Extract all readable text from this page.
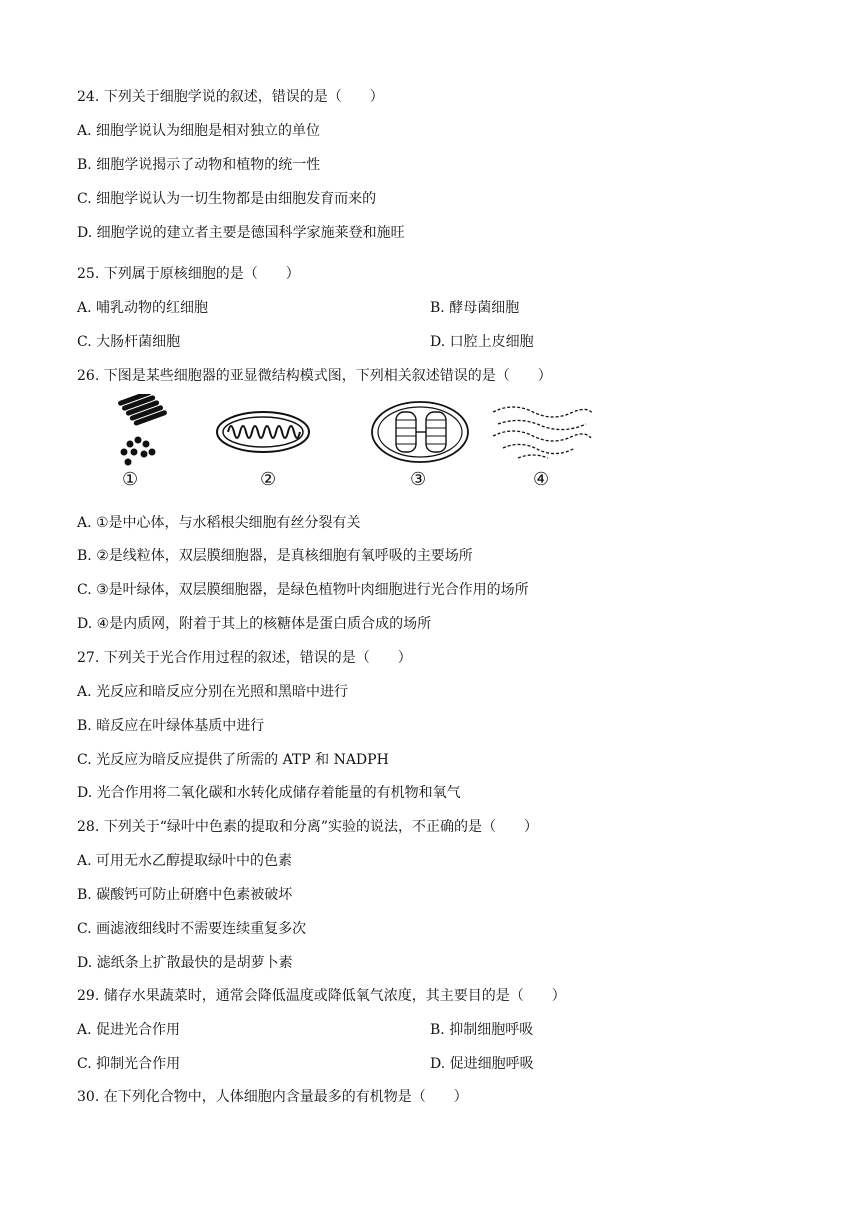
24. 下列关于细胞学说的叙述，错误的是（　　）
A. 细胞学说认为细胞是相对独立的单位
B. 细胞学说揭示了动物和植物的统一性
C. 细胞学说认为一切生物都是由细胞发育而来的
D. 细胞学说的建立者主要是德国科学家施莱登和施旺
25. 下列属于原核细胞的是（　　）
A. 哺乳动物的红细胞	B. 酵母菌细胞
C. 大肠杆菌细胞	D. 口腔上皮细胞
26. 下图是某些细胞器的亚显微结构模式图，下列相关叙述错误的是（　　）
①	②	③	④
A. ①是中心体，与水稻根尖细胞有丝分裂有关
B. ②是线粒体，双层膜细胞器，是真核细胞有氧呼吸的主要场所
C. ③是叶绿体，双层膜细胞器，是绿色植物叶肉细胞进行光合作用的场所
D. ④是内质网，附着于其上的核糖体是蛋白质合成的场所
27. 下列关于光合作用过程的叙述，错误的是（　　）
A. 光反应和暗反应分别在光照和黑暗中进行
B. 暗反应在叶绿体基质中进行
C. 光反应为暗反应提供了所需的 ATP 和 NADPH
D. 光合作用将二氧化碳和水转化成储存着能量的有机物和氧气
28. 下列关于“绿叶中色素的提取和分离”实验的说法，不正确的是（　　）
A. 可用无水乙醇提取绿叶中的色素
B. 碳酸钙可防止研磨中色素被破坏
C. 画滤液细线时不需要连续重复多次
D. 滤纸条上扩散最快的是胡萝卜素
29. 储存水果蔬菜时，通常会降低温度或降低氧气浓度，其主要目的是（　　）
A. 促进光合作用	B. 抑制细胞呼吸
C. 抑制光合作用	D. 促进细胞呼吸
30. 在下列化合物中，人体细胞内含量最多的有机物是（　　）
